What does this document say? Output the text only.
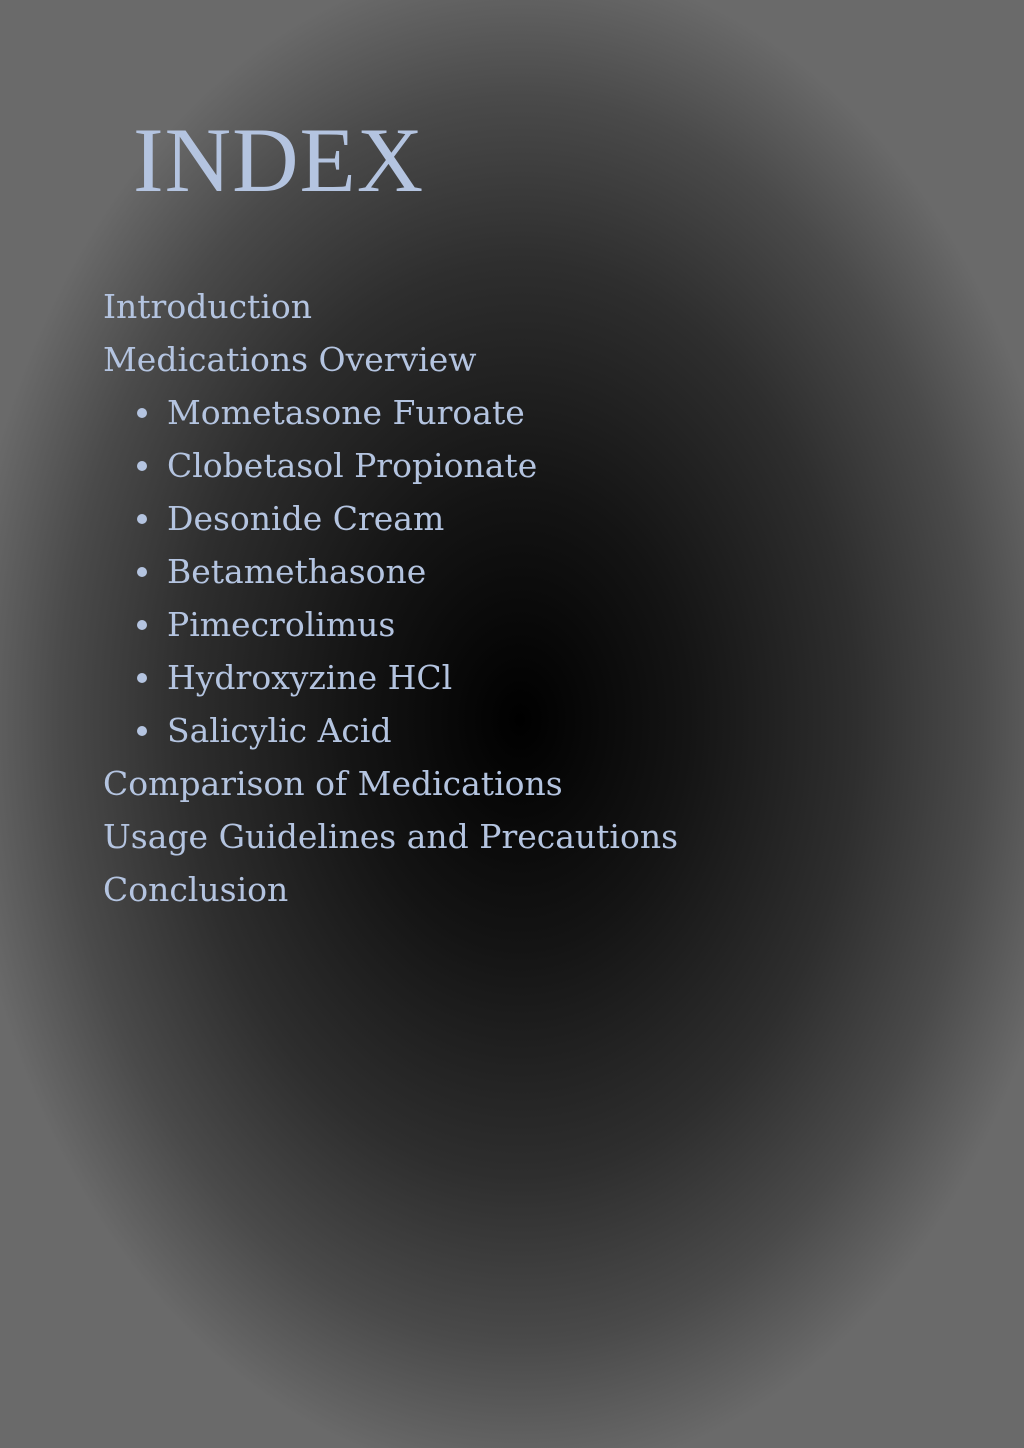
INDEX
Introduction
Medications Overview
Mometasone Furoate
Clobetasol Propionate
Desonide Cream
Betamethasone
Pimecrolimus
Hydroxyzine HCl
Salicylic Acid
Comparison of Medications
Usage Guidelines and Precautions
Conclusion
